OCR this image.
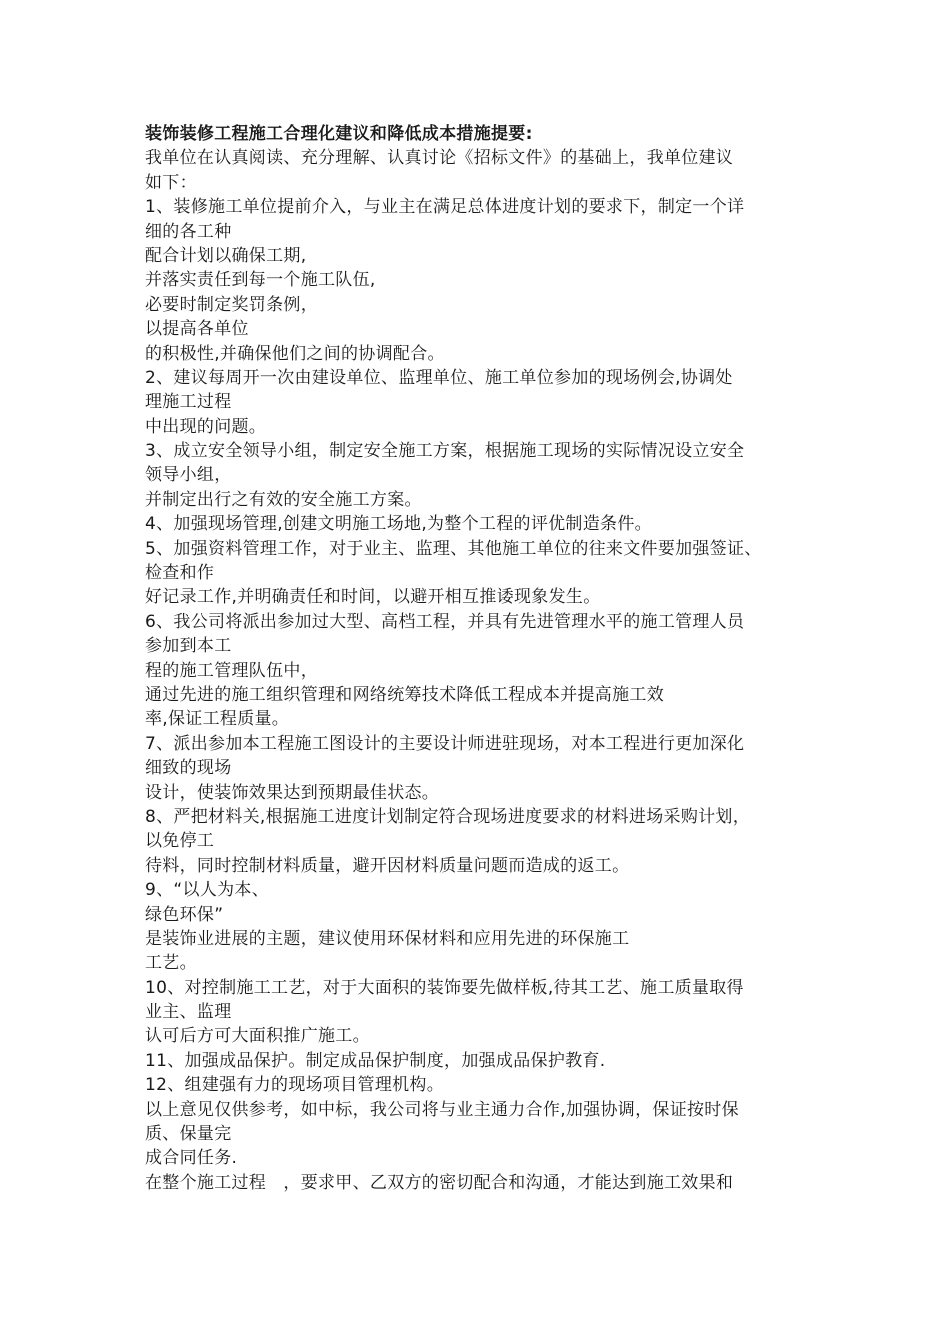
装饰装修工程施工合理化建议和降低成本措施提要:
我单位在认真阅读、充分理解、认真讨论《招标文件》的基础上，我单位建议
如下：
1、装修施工单位提前介入，与业主在满足总体进度计划的要求下，制定一个详
细的各工种
配合计划以确保工期,
并落实责任到每一个施工队伍,
必要时制定奖罚条例，
以提高各单位
的积极性,并确保他们之间的协调配合。
2、建议每周开一次由建设单位、监理单位、施工单位参加的现场例会,协调处
理施工过程
中出现的问题。
3、成立安全领导小组，制定安全施工方案，根据施工现场的实际情况设立安全
领导小组，
并制定出行之有效的安全施工方案。
4、加强现场管理,创建文明施工场地,为整个工程的评优制造条件。
5、加强资料管理工作，对于业主、监理、其他施工单位的往来文件要加强签证、
检查和作
好记录工作,并明确责任和时间，以避开相互推诿现象发生。
6、我公司将派出参加过大型、高档工程，并具有先进管理水平的施工管理人员
参加到本工
程的施工管理队伍中，
通过先进的施工组织管理和网络统筹技术降低工程成本并提高施工效
率,保证工程质量。
7、派出参加本工程施工图设计的主要设计师进驻现场，对本工程进行更加深化
细致的现场
设计，使装饰效果达到预期最佳状态。
8、严把材料关,根据施工进度计划制定符合现场进度要求的材料进场采购计划，
以免停工
待料，同时控制材料质量，避开因材料质量问题而造成的返工。
9、“以人为本、
绿色环保”
是装饰业进展的主题，建议使用环保材料和应用先进的环保施工
工艺。
10、对控制施工工艺，对于大面积的装饰要先做样板,待其工艺、施工质量取得
业主、监理
认可后方可大面积推广施工。
11、加强成品保护。制定成品保护制度，加强成品保护教育.
12、组建强有力的现场项目管理机构。
以上意见仅供参考，如中标，我公司将与业主通力合作,加强协调，保证按时保
质、保量完
成合同任务.
在整个施工过程　，要求甲、乙双方的密切配合和沟通，才能达到施工效果和
